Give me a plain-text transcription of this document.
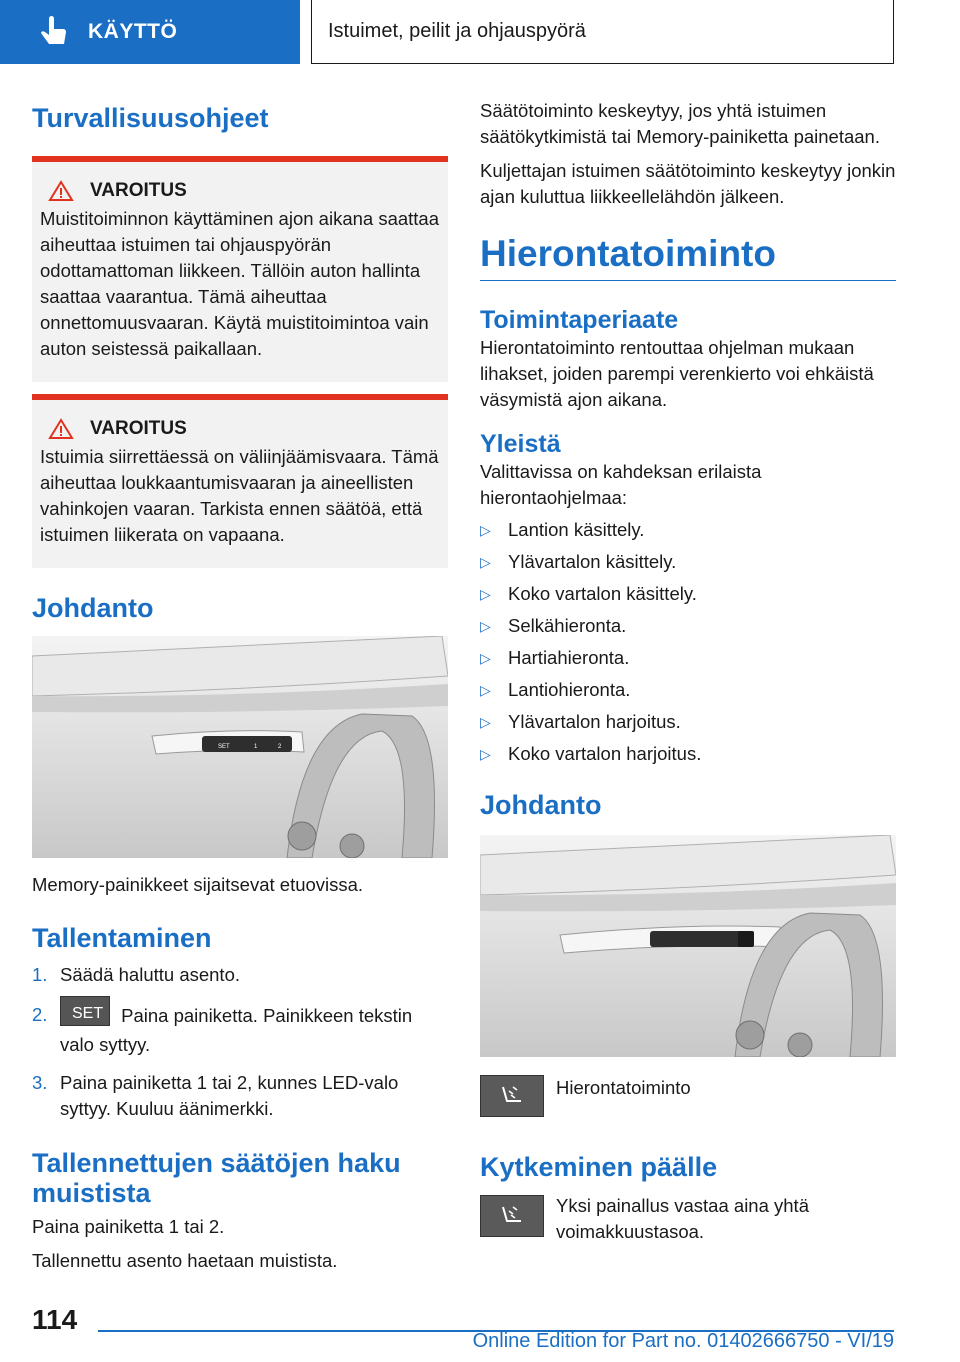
KÄYTTÖ	Istuimet, peilit ja ohjauspyörä
Turvallisuusohjeet
VAROITUS

Muistitoiminnon käyttäminen ajon aikana saattaa aiheuttaa istuimen tai ohjauspyörän odottamattoman liikkeen. Tällöin auton hallinta saattaa vaarantua. Tämä aiheuttaa onnettomuusvaaran. Käytä muistitoimintoa vain auton seistessä paikallaan.

VAROITUS

Istuimia siirrettäessä on väliinjäämisvaara. Tämä aiheuttaa loukkaantumisvaaran ja aineellisten vahinkojen vaaran. Tarkista ennen säätöä, että istuimen liikerata on vapaana.

Johdanto
SET	1	2

Memory-painikkeet sijaitsevat etuovissa.

Tallentaminen
1. Säädä haluttu asento.
2. SET Paina painiketta. Painikkeen tekstin valo syttyy.
3. Paina painiketta 1 tai 2, kunnes LED-valo syttyy. Kuuluu äänimerkki.
Tallennettujen säätöjen haku muistista

Paina painiketta 1 tai 2.

Tallennettu asento haetaan muistista.

Säätötoiminto keskeytyy, jos yhtä istuimen säätökytkimistä tai Memory-painiketta painetaan.

Kuljettajan istuimen säätötoiminto keskeytyy jonkin ajan kuluttua liikkeellelähdön jälkeen.

Hierontatoiminto
Toimintaperiaate

Hierontatoiminto rentouttaa ohjelman mukaan lihakset, joiden parempi verenkierto voi ehkäistä väsymistä ajon aikana.

Yleistä

Valittavissa on kahdeksan erilaista hierontaohjelmaa:

▷ Lantion käsittely.
▷ Ylävartalon käsittely.
▷ Koko vartalon käsittely.
▷ Selkähieronta.
▷ Hartiahieronta.
▷ Lantiohieronta.
▷ Ylävartalon harjoitus.
▷ Koko vartalon harjoitus.
Johdanto

Hierontatoiminto

Kytkeminen päälle

Yksi painallus vastaa aina yhtä voimakkuustasoa.

114
Online Edition for Part no. 01402666750 - VI/19
